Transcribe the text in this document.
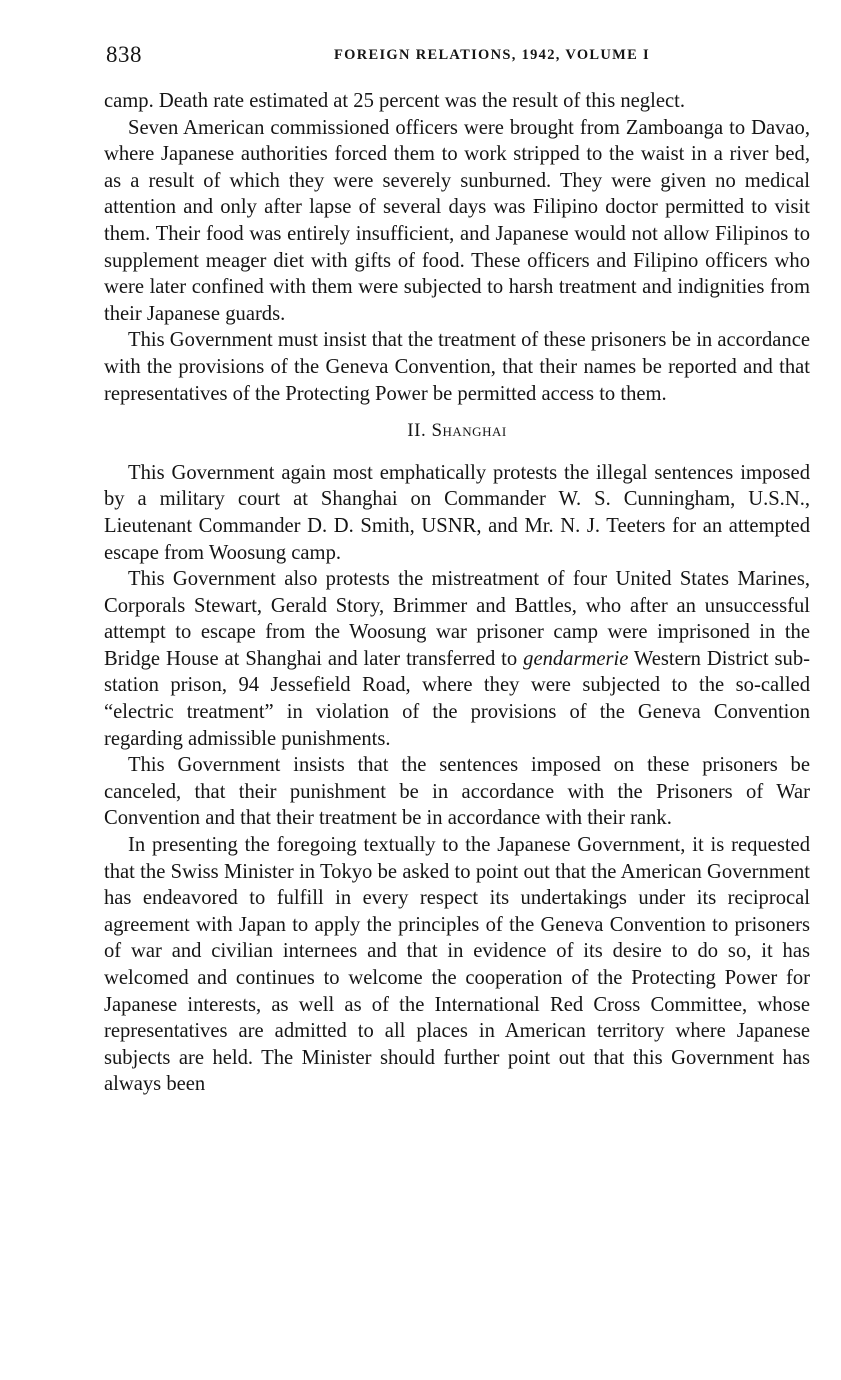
838	FOREIGN RELATIONS, 1942, VOLUME I

camp. Death rate estimated at 25 percent was the result of this neglect.

Seven American commissioned officers were brought from Zamboanga to Davao, where Japanese authorities forced them to work stripped to the waist in a river bed, as a result of which they were severely sunburned. They were given no medical attention and only after lapse of several days was Filipino doctor permitted to visit them. Their food was entirely insufficient, and Japanese would not allow Filipinos to supplement meager diet with gifts of food. These officers and Filipino officers who were later confined with them were subjected to harsh treatment and indignities from their Japanese guards.

This Government must insist that the treatment of these prisoners be in accordance with the provisions of the Geneva Convention, that their names be reported and that representatives of the Protecting Power be permitted access to them.

II. Shanghai

This Government again most emphatically protests the illegal sentences imposed by a military court at Shanghai on Commander W. S. Cunningham, U.S.N., Lieutenant Commander D. D. Smith, USNR, and Mr. N. J. Teeters for an attempted escape from Woosung camp.

This Government also protests the mistreatment of four United States Marines, Corporals Stewart, Gerald Story, Brimmer and Battles, who after an unsuccessful attempt to escape from the Woosung war prisoner camp were imprisoned in the Bridge House at Shanghai and later transferred to gendarmerie Western District sub-station prison, 94 Jessefield Road, where they were subjected to the so-called “electric treatment” in violation of the provisions of the Geneva Convention regarding admissible punishments.

This Government insists that the sentences imposed on these prisoners be canceled, that their punishment be in accordance with the Prisoners of War Convention and that their treatment be in accordance with their rank.

In presenting the foregoing textually to the Japanese Government, it is requested that the Swiss Minister in Tokyo be asked to point out that the American Government has endeavored to fulfill in every respect its undertakings under its reciprocal agreement with Japan to apply the principles of the Geneva Convention to prisoners of war and civilian internees and that in evidence of its desire to do so, it has welcomed and continues to welcome the cooperation of the Protecting Power for Japanese interests, as well as of the International Red Cross Committee, whose representatives are admitted to all places in American territory where Japanese subjects are held. The Minister should further point out that this Government has always been
